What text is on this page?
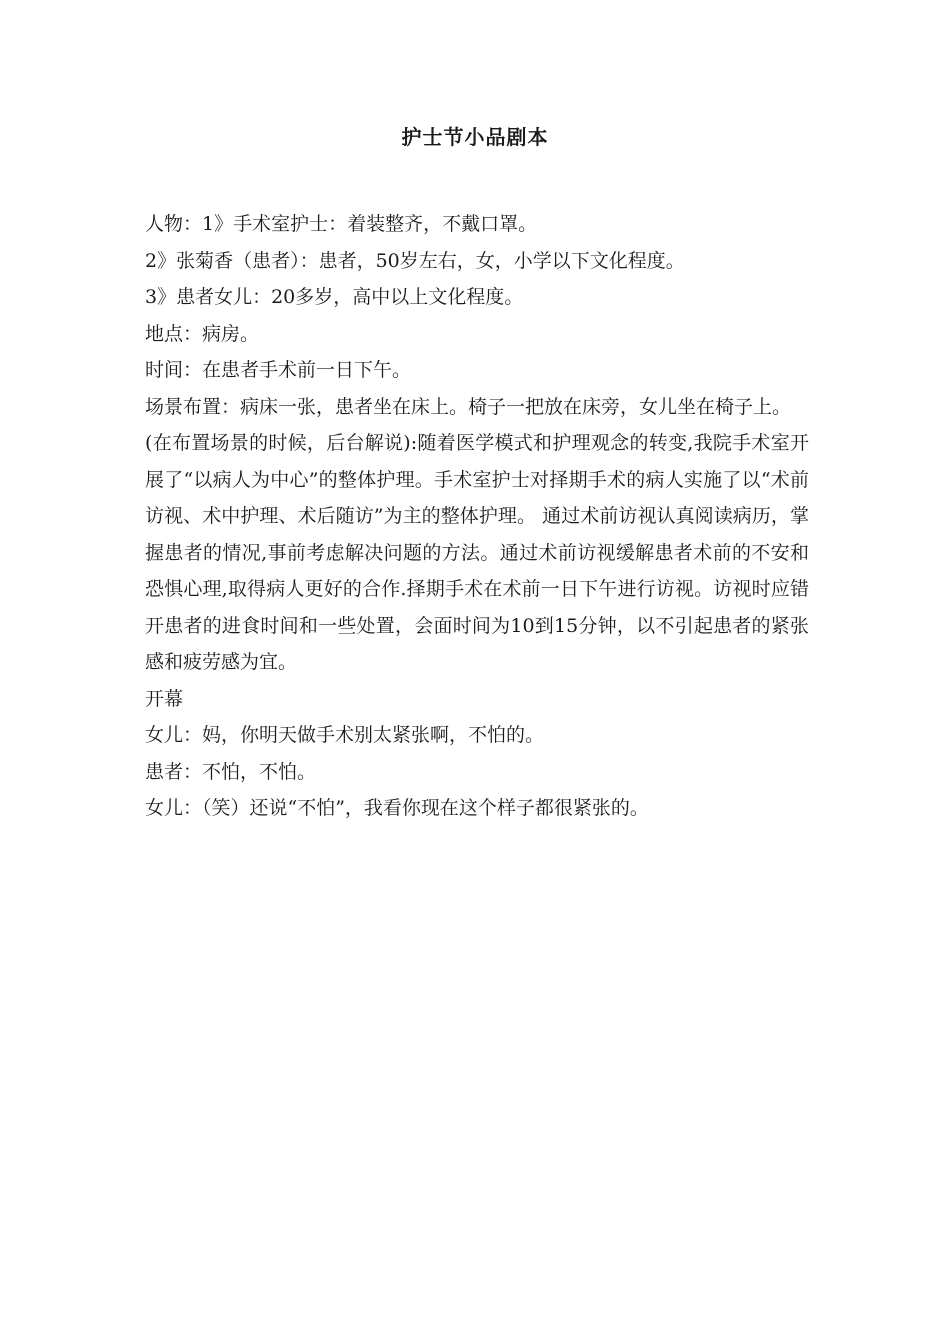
护士节小品剧本

人物：1》手术室护士：着装整齐，不戴口罩。

2》张菊香（患者）：患者，50岁左右，女，小学以下文化程度。

3》患者女儿：20多岁，高中以上文化程度。

地点：病房。

时间：在患者手术前一日下午。

场景布置：病床一张，患者坐在床上。椅子一把放在床旁，女儿坐在椅子上。

(在布置场景的时候，后台解说):随着医学模式和护理观念的转变,我院手术室开展了“以病人为中心”的整体护理。手术室护士对择期手术的病人实施了以“术前访视、术中护理、术后随访”为主的整体护理。 通过术前访视认真阅读病历，掌握患者的情况,事前考虑解决问题的方法。通过术前访视缓解患者术前的不安和恐惧心理,取得病人更好的合作.择期手术在术前一日下午进行访视。访视时应错开患者的进食时间和一些处置，会面时间为10到15分钟，以不引起患者的紧张感和疲劳感为宜。

开幕

女儿：妈，你明天做手术别太紧张啊，不怕的。

患者：不怕，不怕。

女儿：（笑）还说“不怕”，我看你现在这个样子都很紧张的。
